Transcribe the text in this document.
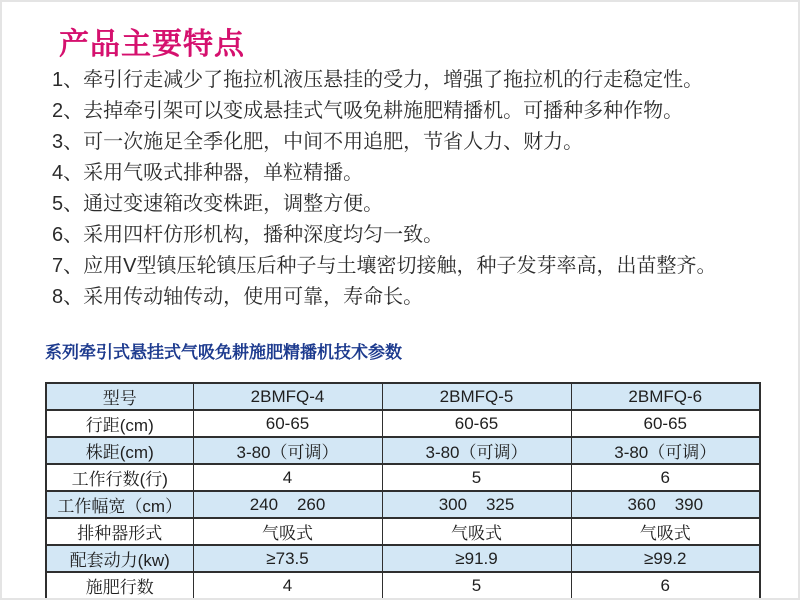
产品主要特点
1、牵引行走减少了拖拉机液压悬挂的受力，增强了拖拉机的行走稳定性。
2、去掉牵引架可以变成悬挂式气吸免耕施肥精播机。可播种多种作物。
3、可一次施足全季化肥，中间不用追肥，节省人力、财力。
4、采用气吸式排种器，单粒精播。
5、通过变速箱改变株距，调整方便。
6、采用四杆仿形机构，播种深度均匀一致。
7、应用V型镇压轮镇压后种子与土壤密切接触，种子发芽率高，出苗整齐。
8、采用传动轴传动，使用可靠，寿命长。
系列牵引式悬挂式气吸免耕施肥精播机技术参数
型号	2BMFQ-4	2BMFQ-5	2BMFQ-6
行距(cm)	60-65	60-65	60-65
株距(cm)	3-80（可调）	3-80（可调）	3-80（可调）
工作行数(行)	4	5	6
工作幅宽（cm）	240    260	300    325	360    390
排种器形式	气吸式	气吸式	气吸式
配套动力(kw)	≥73.5	≥91.9	≥99.2
施肥行数	4	5	6
